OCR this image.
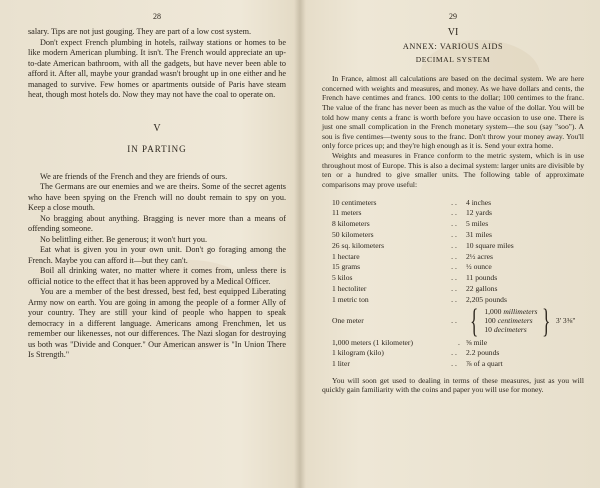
28

salary. Tips are not just gouging. They are part of a low cost system.

Don't expect French plumbing in hotels, railway stations or homes to be like modern American plumbing. It isn't. The French would appreciate an up-to-date American bathroom, with all the gadgets, but have never been able to afford it. After all, maybe your grandad wasn't brought up in one either and he managed to survive. Few homes or apartments outside of Paris have steam heat, though most hotels do. Now they may not have the coal to operate on.

V
IN PARTING

We are friends of the French and they are friends of ours.

The Germans are our enemies and we are theirs. Some of the secret agents who have been spying on the French will no doubt remain to spy on you. Keep a close mouth.

No bragging about anything. Bragging is never more than a means of offending someone.

No belittling either. Be generous; it won't hurt you.

Eat what is given you in your own unit. Don't go foraging among the French. Maybe you can afford it—but they can't.

Boil all drinking water, no matter where it comes from, unless there is official notice to the effect that it has been approved by a Medical Officer.

You are a member of the best dressed, best fed, best equipped Liberating Army now on earth. You are going in among the people of a former Ally of your country. They are still your kind of people who happen to speak democracy in a different language. Americans among Frenchmen, let us remember our likenesses, not our differences. The Nazi slogan for destroying us both was "Divide and Conquer." Our American answer is "In Union There Is Strength."

29
VI
ANNEX: VARIOUS AIDS
DECIMAL SYSTEM

In France, almost all calculations are based on the decimal system. We are here concerned with weights and measures, and money. As we have dollars and cents, the French have centimes and francs. 100 cents to the dollar; 100 centimes to the franc. The value of the franc has never been as much as the value of the dollar. You will be told how many cents a franc is worth before you have occasion to use one. There is just one small complication in the French monetary system—the sou (say "soo"). A sou is five centimes—twenty sous to the franc. Don't throw your money away. You'll only force prices up; and they're high enough as it is. Send your extra home.

Weights and measures in France conform to the metric system, which is in use throughout most of Europe. This is also a decimal system: larger units are divisible by ten or a hundred to give smaller units. The following table of approximate comparisons may prove useful:

10 centimeters	. .	4 inches
11 meters	. .	12 yards
8 kilometers	. .	5 miles
50 kilometers	. .	31 miles
26 sq. kilometers	. .	10 square miles
1 hectare	. .	2½ acres
15 grams	. .	½ ounce
5 kilos	. .	11 pounds
1 hectoliter	. .	22 gallons
1 metric ton	. .	2,205 pounds
One meter	. . { 1,000 millimeters
100 centimeters
10 decimeters } 3' 3⅜"
1,000 meters (1 kilometer)	. ⅝ mile
1 kilogram (kilo)	. .	2.2 pounds
1 liter	. .	⅞ of a quart

You will soon get used to dealing in terms of these measures, just as you will quickly gain familiarity with the coins and paper you will use for money.
